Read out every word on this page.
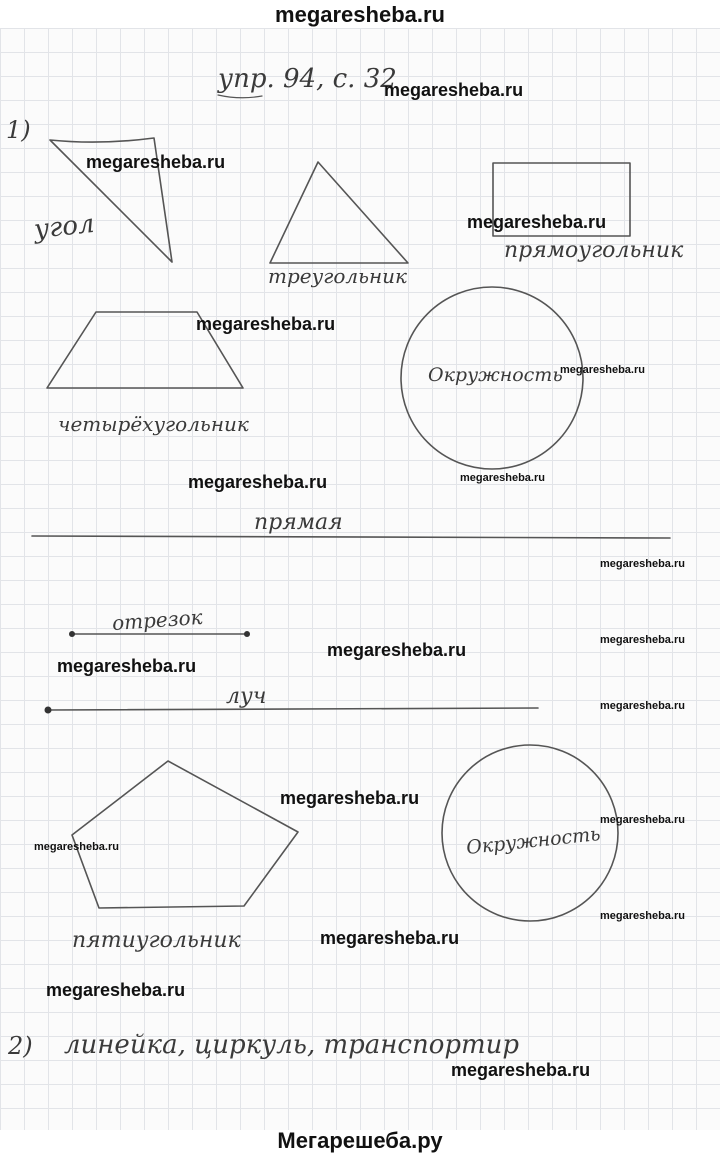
megaresheba.ru
упр. 94, с. 32
1)
угол
треугольник
прямоугольник
четырёхугольник
Окружность
прямая
отрезок
луч
пятиугольник
Окружность
2) линейка, циркуль, транспортир
megaresheba.ru
megaresheba.ru
megaresheba.ru
megaresheba.ru
megaresheba.ru
megaresheba.ru	megaresheba.ru
megaresheba.ru
megaresheba.ru
megaresheba.ru
megaresheba.ru
megaresheba.ru
megaresheba.ru
megaresheba.ru
megaresheba.ru
megaresheba.ru
megaresheba.ru
megaresheba.ru
megaresheba.ru
Мегарешеба.ру
